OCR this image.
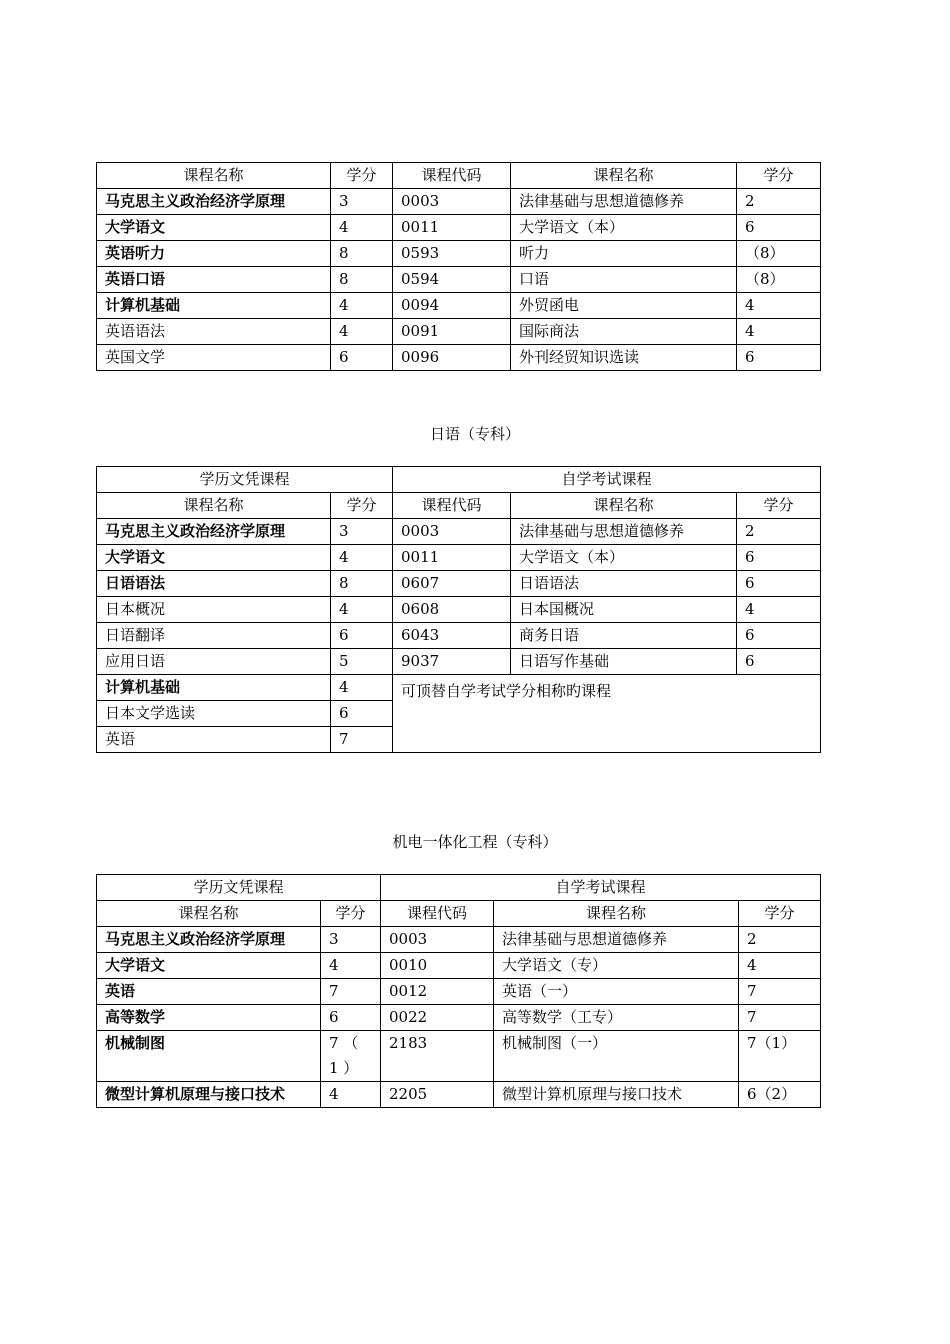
课程名称	学分	课程代码	课程名称	学分
马克思主义政治经济学原理	3	0003	法律基础与思想道德修养	2
大学语文	4	0011	大学语文（本）	6
英语听力	8	0593	听力	（8）
英语口语	8	0594	口语	（8）
计算机基础	4	0094	外贸函电	4
英语语法	4	0091	国际商法	4
英国文学	6	0096	外刊经贸知识选读	6
日语（专科）
学历文凭课程		自学考试课程		
课程名称	学分	课程代码	课程名称	学分
马克思主义政治经济学原理	3	0003	法律基础与思想道德修养	2
大学语文	4	0011	大学语文（本）	6
日语语法	8	0607	日语语法	6
日本概况	4	0608	日本国概况	4
日语翻译	6	6043	商务日语	6
应用日语	5	9037	日语写作基础	6
计算机基础	4	可顶替自学考试学分相称旳课程		
日本文学选读	6			
英语	7			
机电一体化工程（专科）
学历文凭课程		自学考试课程		
课程名称	学分	课程代码	课程名称	学分
马克思主义政治经济学原理	3	0003	法律基础与思想道德修养	2
大学语文	4	0010	大学语文（专）	4
英语	7	0012	英语（一）	7
高等数学	6	0022	高等数学（工专）	7
机械制图	7 （ 1 ）	2183	机械制图（一）	7（1）
微型计算机原理与接口技术	4	2205	微型计算机原理与接口技术	6（2）
